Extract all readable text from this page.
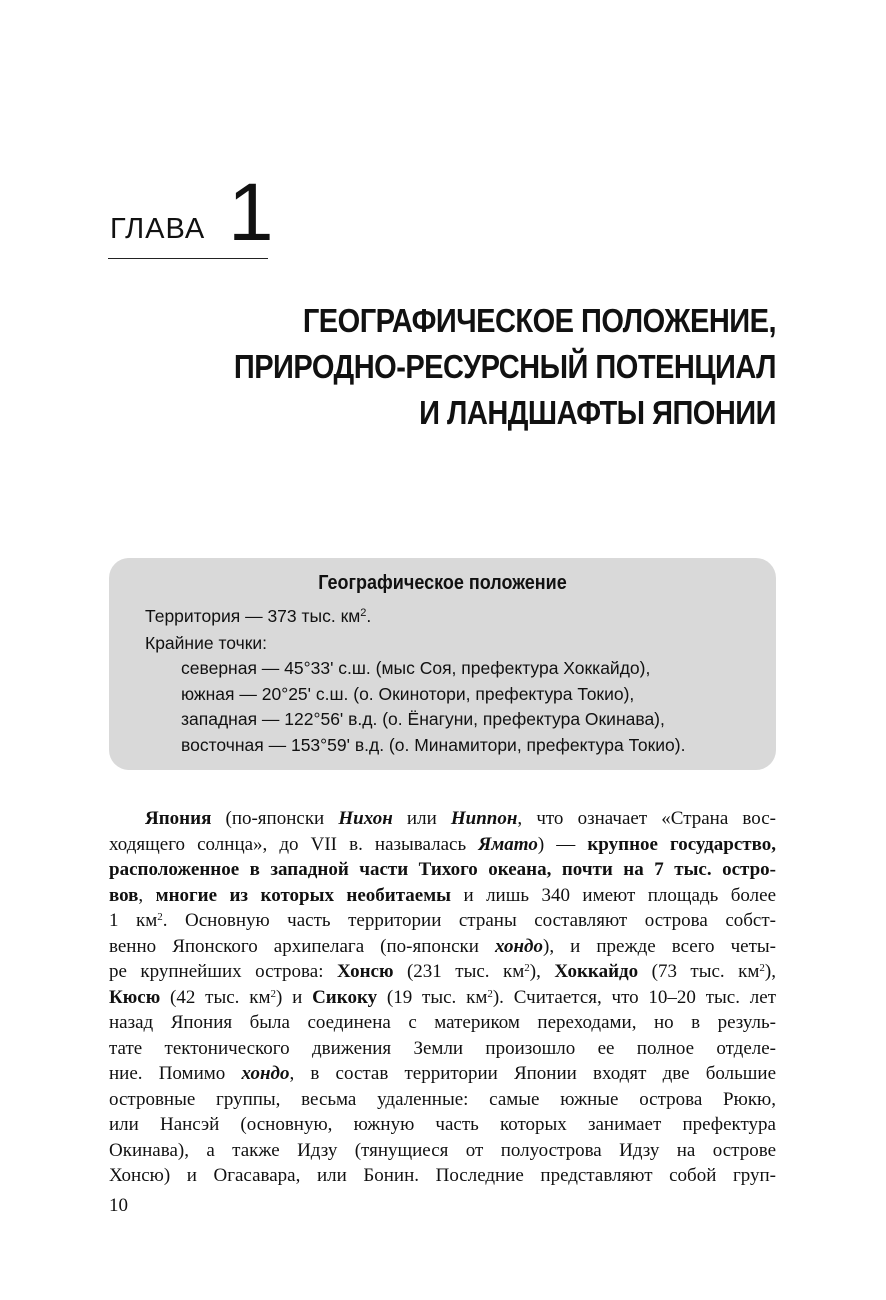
ГЛАВА 1
ГЕОГРАФИЧЕСКОЕ ПОЛОЖЕНИЕ,
ПРИРОДНО-РЕСУРСНЫЙ ПОТЕНЦИАЛ
И ЛАНДШАФТЫ ЯПОНИИ
Географическое положение
Территория — 373 тыс. $км^2$.
Крайние точки:
северная — 45°33' с.ш. (мыс Соя, префектура Хоккайдо),
южная — 20°25' с.ш. (о. Окинотори, префектура Токио),
западная — 122°56' в.д. (о. Ёнагуни, префектура Окинава),
восточная — 153°59' в.д. (о. Минамитори, префектура Токио).
Япония (по-японски Нихон или Ниппон, что означает «Страна вос-
ходящего солнца», до VII в. называлась Ямато) — крупное государство,
расположенное в западной части Тихого океана, почти на 7 тыс. остро-
вов, многие из которых необитаемы и лишь 340 имеют площадь более
1 $км^2$. Основную часть территории страны составляют острова собст-
венно Японского архипелага (по-японски хондо), и прежде всего четы-
ре крупнейших острова: Хонсю (231 тыс. $км^2$), Хоккайдо (73 тыс. $км^2$),
Кюсю (42 тыс. $км^2$) и Сикоку (19 тыс. $км^2$). Считается, что 10–20 тыс. лет
назад Япония была соединена с материком переходами, но в резуль-
тате тектонического движения Земли произошло ее полное отделе-
ние. Помимо хондо, в состав территории Японии входят две большие
островные группы, весьма удаленные: самые южные острова Рюкю,
или Нансэй (основную, южную часть которых занимает префектура
Окинава), а также Идзу (тянущиеся от полуострова Идзу на острове
Хонсю) и Огасавара, или Бонин. Последние представляют собой груп-
10
